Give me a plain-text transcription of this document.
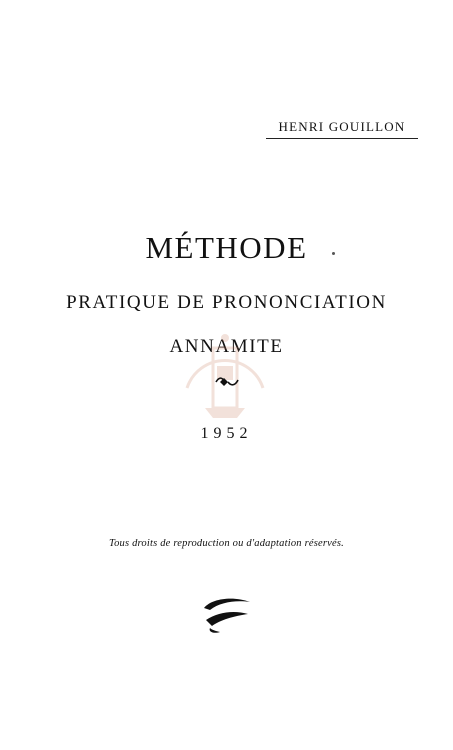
HENRI GOUILLON
MÉTHODE
PRATIQUE DE PRONONCIATION
ANNAMITE
1952
Tous droits de reproduction ou d'adaptation réservés.
